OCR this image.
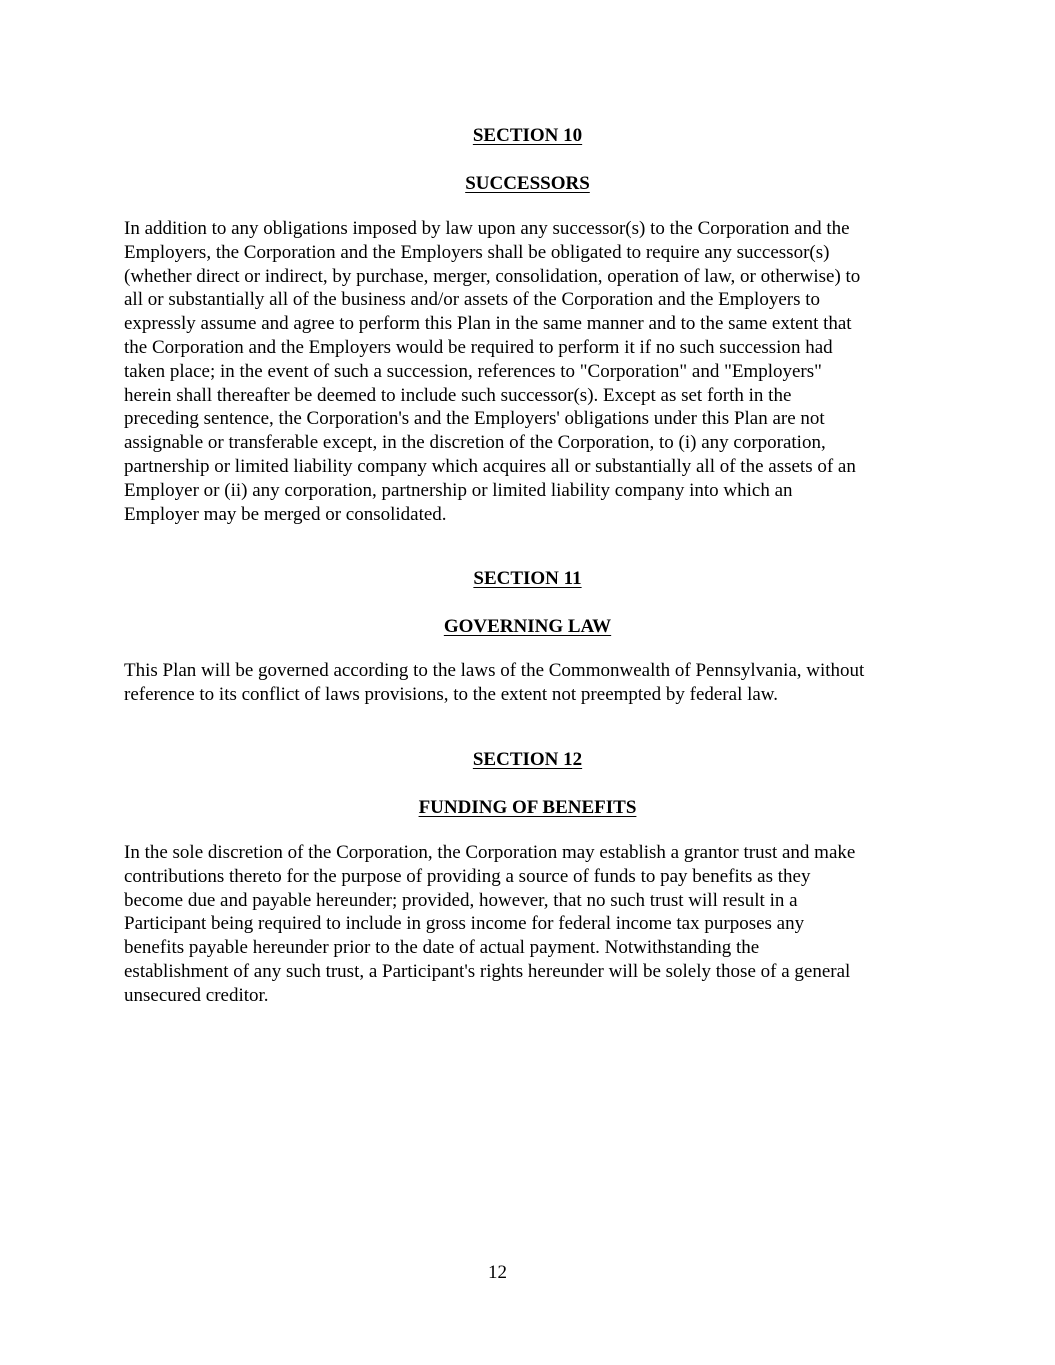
SECTION 10
SUCCESSORS

In addition to any obligations imposed by law upon any successor(s) to the Corporation and the
Employers, the Corporation and the Employers shall be obligated to require any successor(s)
(whether direct or indirect, by purchase, merger, consolidation, operation of law, or otherwise) to
all or substantially all of the business and/or assets of the Corporation and the Employers to
expressly assume and agree to perform this Plan in the same manner and to the same extent that
the Corporation and the Employers would be required to perform it if no such succession had
taken place; in the event of such a succession, references to "Corporation" and "Employers"
herein shall thereafter be deemed to include such successor(s). Except as set forth in the
preceding sentence, the Corporation's and the Employers' obligations under this Plan are not
assignable or transferable except, in the discretion of the Corporation, to (i) any corporation,
partnership or limited liability company which acquires all or substantially all of the assets of an
Employer or (ii) any corporation, partnership or limited liability company into which an
Employer may be merged or consolidated.

SECTION 11
GOVERNING LAW

This Plan will be governed according to the laws of the Commonwealth of Pennsylvania, without
reference to its conflict of laws provisions, to the extent not preempted by federal law.

SECTION 12
FUNDING OF BENEFITS

In the sole discretion of the Corporation, the Corporation may establish a grantor trust and make
contributions thereto for the purpose of providing a source of funds to pay benefits as they
become due and payable hereunder; provided, however, that no such trust will result in a
Participant being required to include in gross income for federal income tax purposes any
benefits payable hereunder prior to the date of actual payment. Notwithstanding the
establishment of any such trust, a Participant's rights hereunder will be solely those of a general
unsecured creditor.

12
